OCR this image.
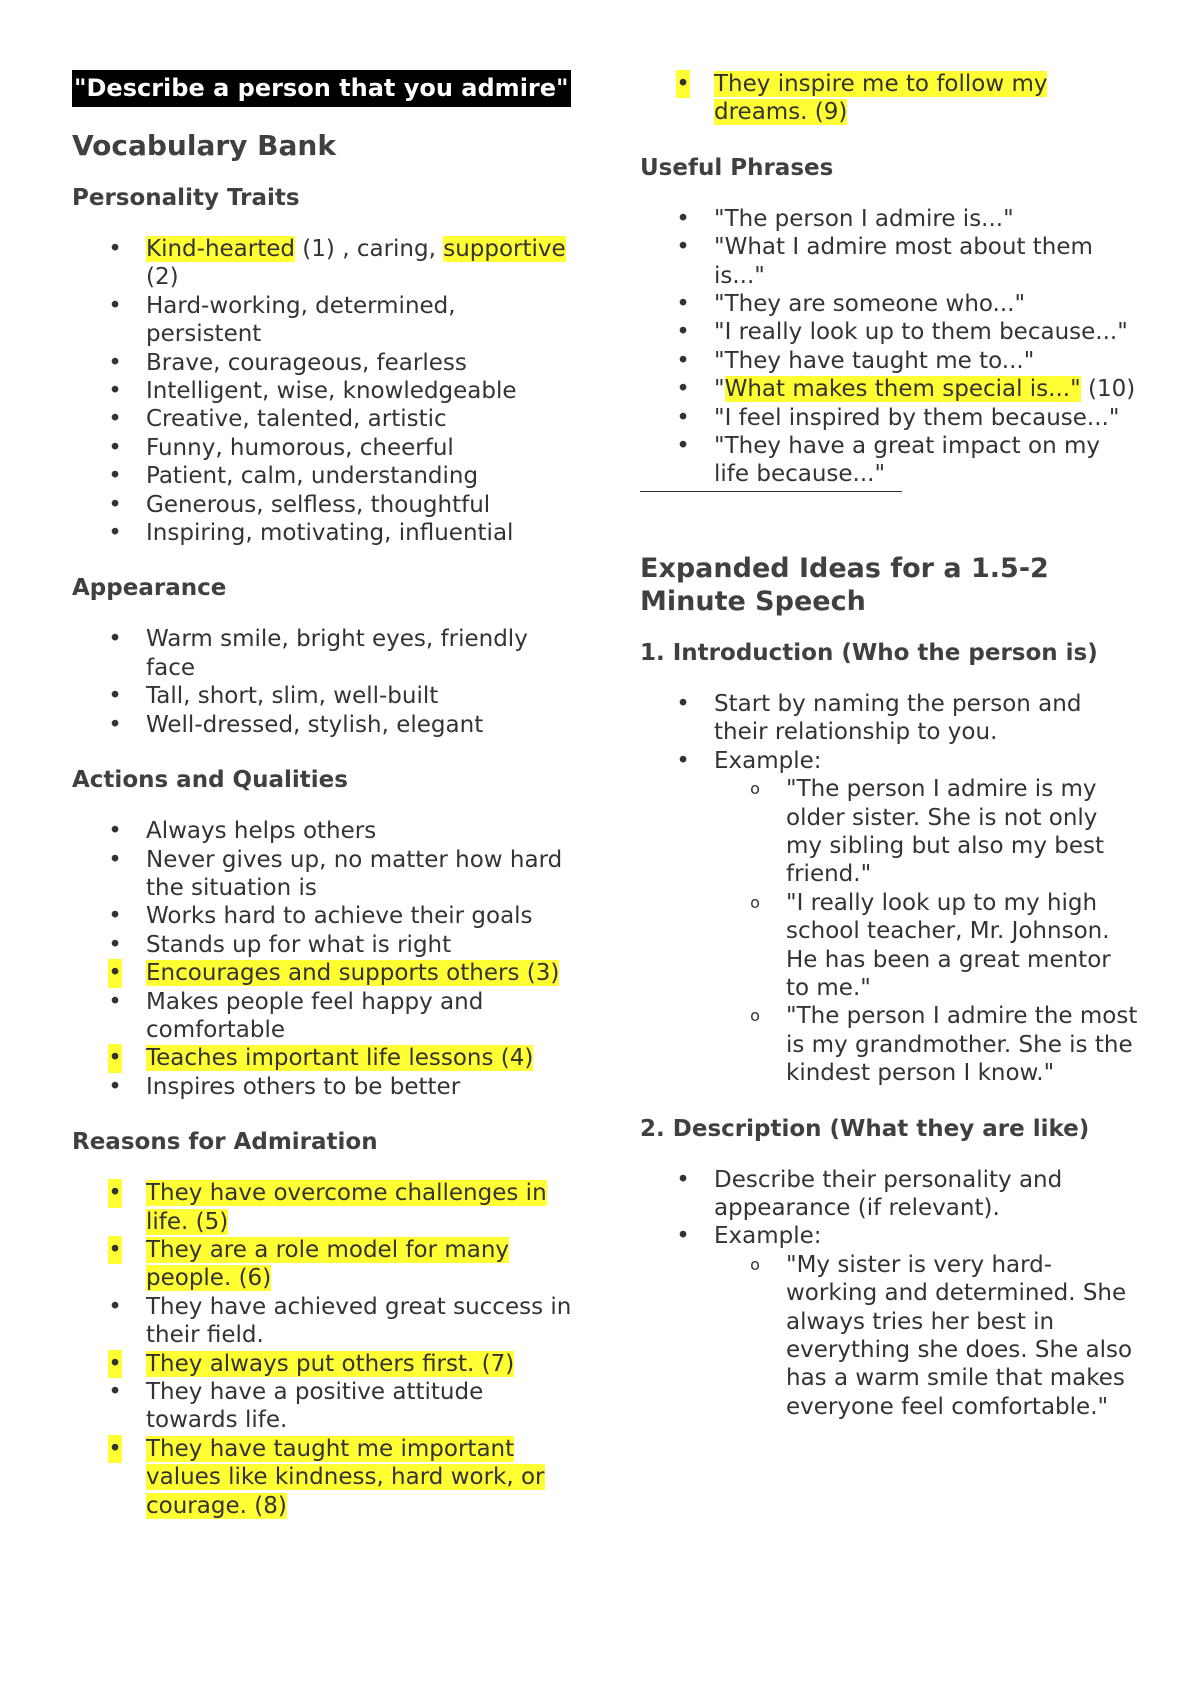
"Describe a person that you admire"
Vocabulary Bank
Personality Traits
• Kind-hearted (1) , caring, supportive (2)
• Hard-working, determined, persistent
• Brave, courageous, fearless
• Intelligent, wise, knowledgeable
• Creative, talented, artistic
• Funny, humorous, cheerful
• Patient, calm, understanding
• Generous, selfless, thoughtful
• Inspiring, motivating, influential
Appearance
• Warm smile, bright eyes, friendly face
• Tall, short, slim, well-built
• Well-dressed, stylish, elegant
Actions and Qualities
• Always helps others
• Never gives up, no matter how hard the situation is
• Works hard to achieve their goals
• Stands up for what is right
• Encourages and supports others (3)
• Makes people feel happy and comfortable
• Teaches important life lessons (4)
• Inspires others to be better
Reasons for Admiration
• They have overcome challenges in life. (5)
• They are a role model for many people. (6)
• They have achieved great success in their field.
• They always put others first. (7)
• They have a positive attitude towards life.
• They have taught me important values like kindness, hard work, or courage. (8)
• They inspire me to follow my dreams. (9)
Useful Phrases
• "The person I admire is..."
• "What I admire most about them is..."
• "They are someone who..."
• "I really look up to them because..."
• "They have taught me to..."
• "What makes them special is..." (10)
• "I feel inspired by them because..."
• "They have a great impact on my life because..."
Expanded Ideas for a 1.5-2 Minute Speech
1. Introduction (Who the person is)
• Start by naming the person and their relationship to you.
• Example:
o "The person I admire is my older sister. She is not only my sibling but also my best friend."
o "I really look up to my high school teacher, Mr. Johnson. He has been a great mentor to me."
o "The person I admire the most is my grandmother. She is the kindest person I know."
2. Description (What they are like)
• Describe their personality and appearance (if relevant).
• Example:
o "My sister is very hard-working and determined. She always tries her best in everything she does. She also has a warm smile that makes everyone feel comfortable."
